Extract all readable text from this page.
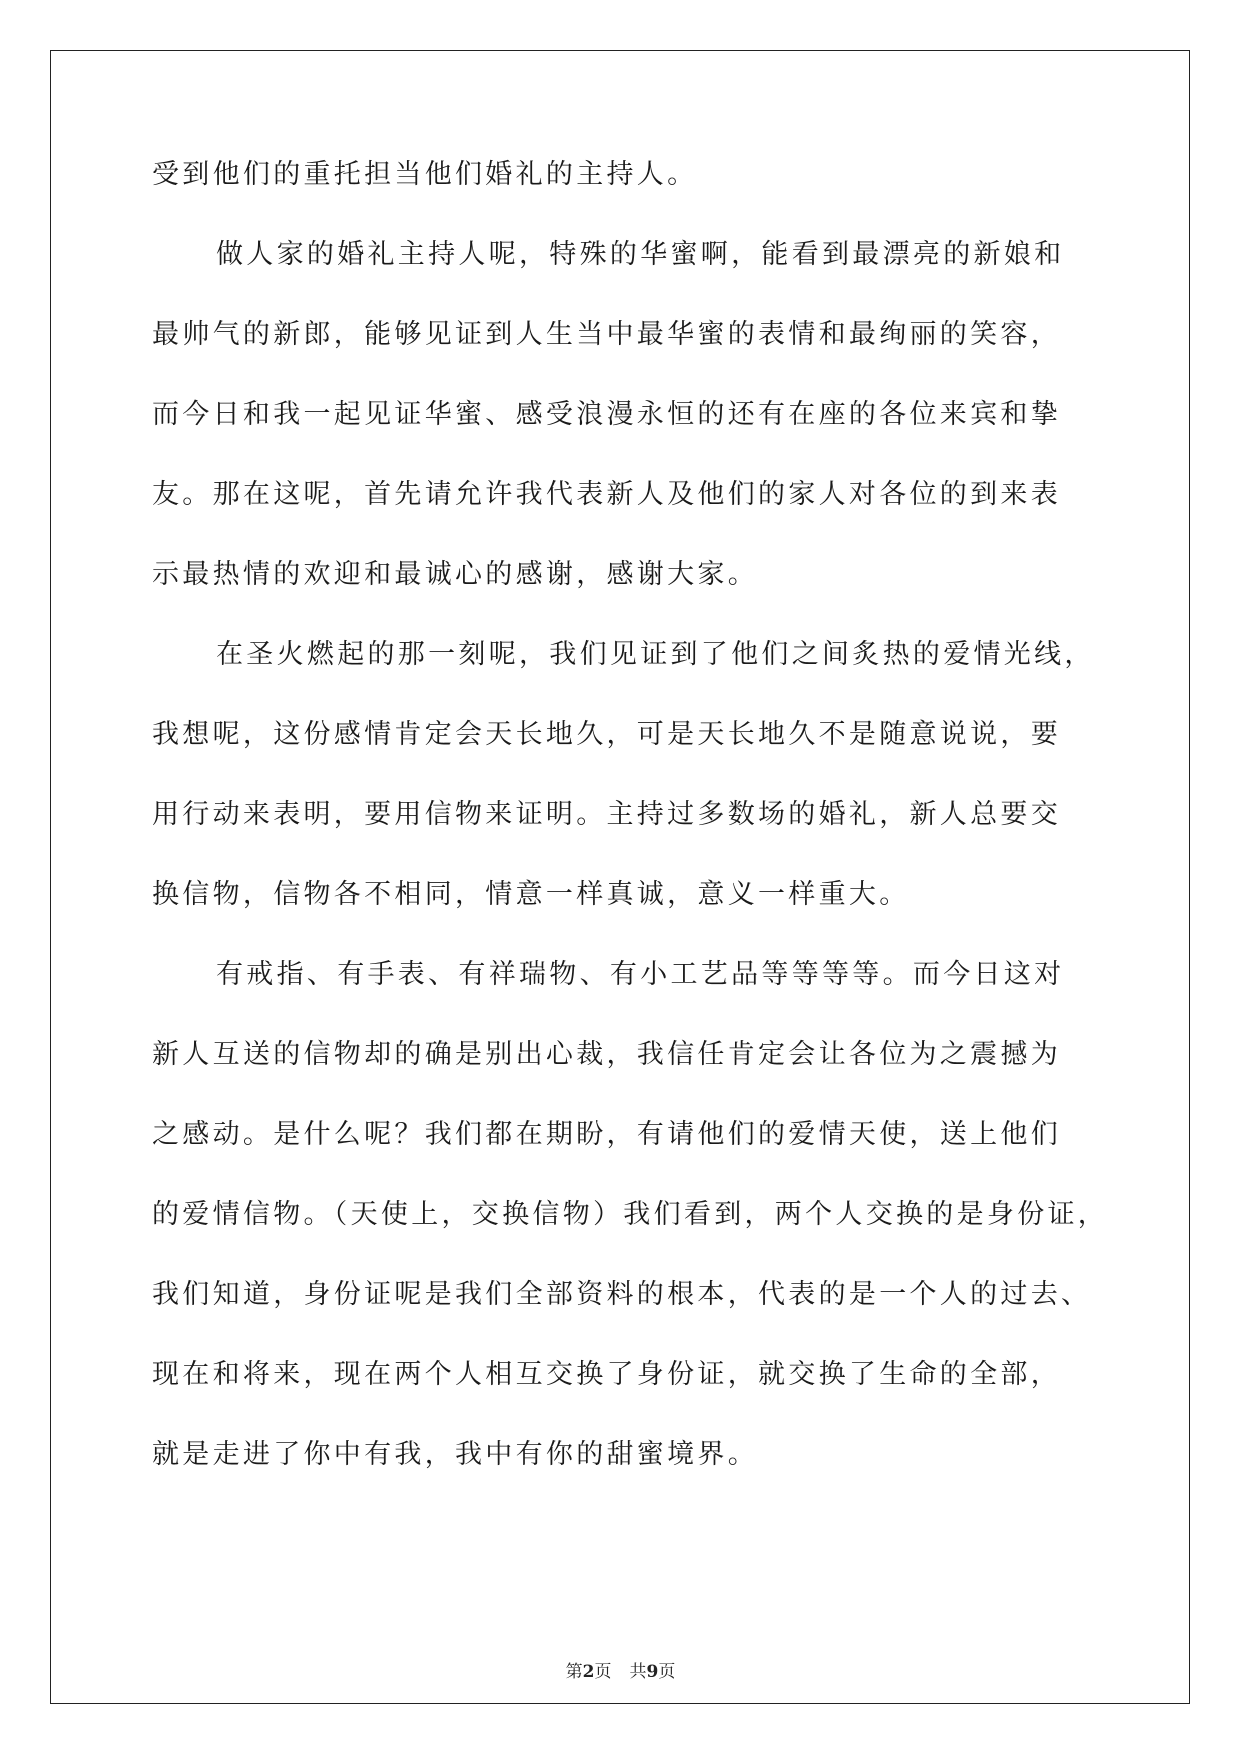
受到他们的重托担当他们婚礼的主持人。
做人家的婚礼主持人呢，特殊的华蜜啊，能看到最漂亮的新娘和
最帅气的新郎，能够见证到人生当中最华蜜的表情和最绚丽的笑容，
而今日和我一起见证华蜜、感受浪漫永恒的还有在座的各位来宾和挚
友。那在这呢，首先请允许我代表新人及他们的家人对各位的到来表
示最热情的欢迎和最诚心的感谢，感谢大家。
在圣火燃起的那一刻呢，我们见证到了他们之间炙热的爱情光线，
我想呢，这份感情肯定会天长地久，可是天长地久不是随意说说，要
用行动来表明，要用信物来证明。主持过多数场的婚礼，新人总要交
换信物，信物各不相同，情意一样真诚，意义一样重大。
有戒指、有手表、有祥瑞物、有小工艺品等等等等。而今日这对
新人互送的信物却的确是别出心裁，我信任肯定会让各位为之震撼为
之感动。是什么呢？我们都在期盼，有请他们的爱情天使，送上他们
的爱情信物。（天使上，交换信物）我们看到，两个人交换的是身份证，
我们知道，身份证呢是我们全部资料的根本，代表的是一个人的过去、
现在和将来，现在两个人相互交换了身份证，就交换了生命的全部，
就是走进了你中有我，我中有你的甜蜜境界。
第2页 共9页
